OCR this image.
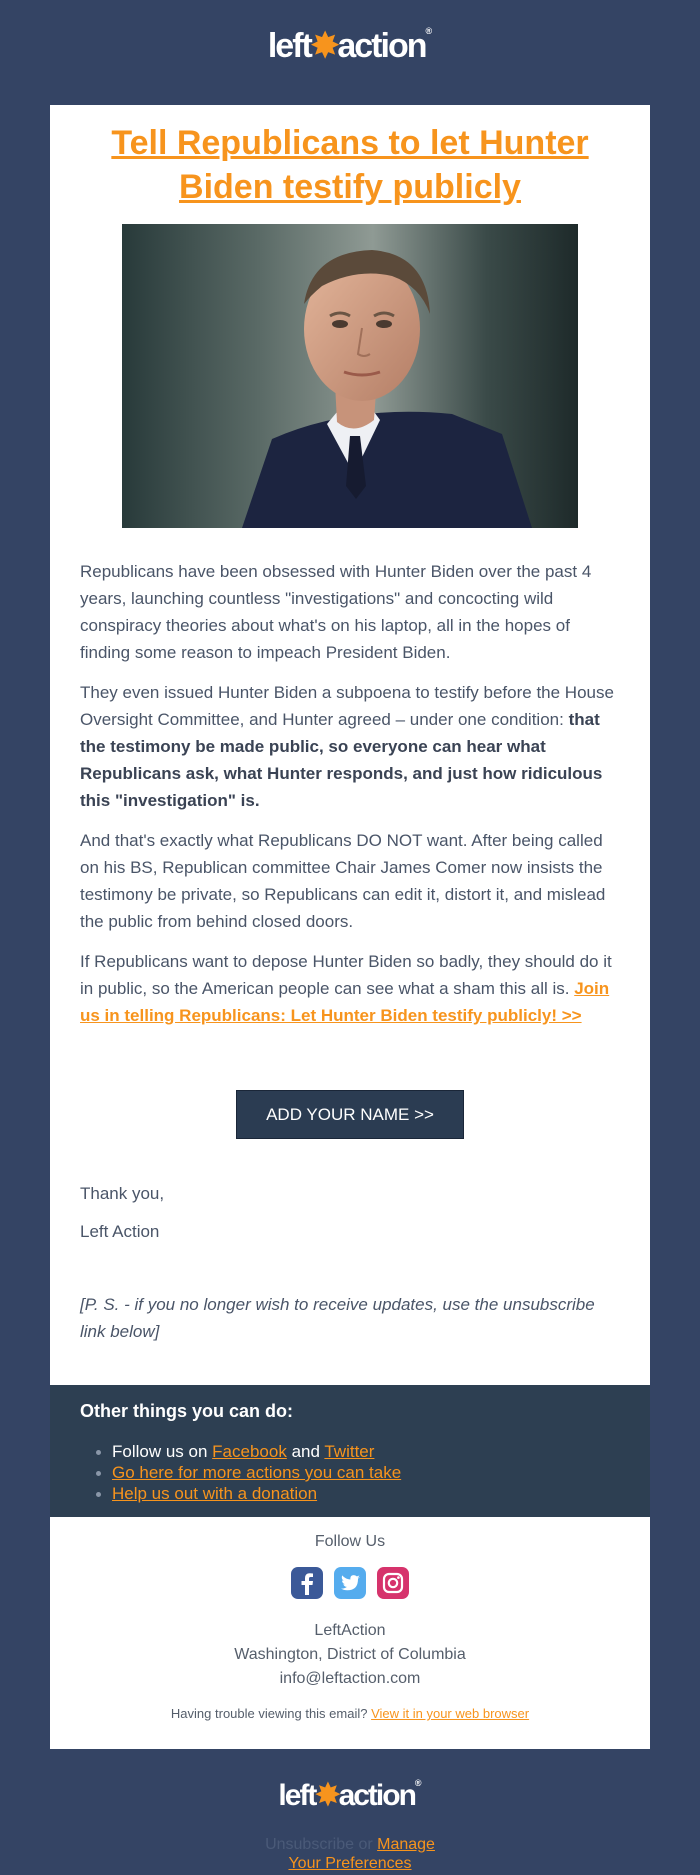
left✸action®
Tell Republicans to let Hunter Biden testify publicly

Republicans have been obsessed with Hunter Biden over the past 4 years, launching countless "investigations" and concocting wild conspiracy theories about what's on his laptop, all in the hopes of finding some reason to impeach President Biden.

They even issued Hunter Biden a subpoena to testify before the House Oversight Committee, and Hunter agreed – under one condition: that the testimony be made public, so everyone can hear what Republicans ask, what Hunter responds, and just how ridiculous this "investigation" is.

And that's exactly what Republicans DO NOT want. After being called on his BS, Republican committee Chair James Comer now insists the testimony be private, so Republicans can edit it, distort it, and mislead the public from behind closed doors.

If Republicans want to depose Hunter Biden so badly, they should do it in public, so the American people can see what a sham this all is. Join us in telling Republicans: Let Hunter Biden testify publicly! >>

ADD YOUR NAME >>

Thank you,

Left Action

[P. S. - if you no longer wish to receive updates, use the unsubscribe link below]

Other things you can do:
Follow us on Facebook and Twitter
Go here for more actions you can take
Help us out with a donation
Follow Us
LeftAction
Washington, District of Columbia
info@leftaction.com
Having trouble viewing this email? View it in your web browser
left✸action®
Unsubscribe or Manage
Your Preferences
